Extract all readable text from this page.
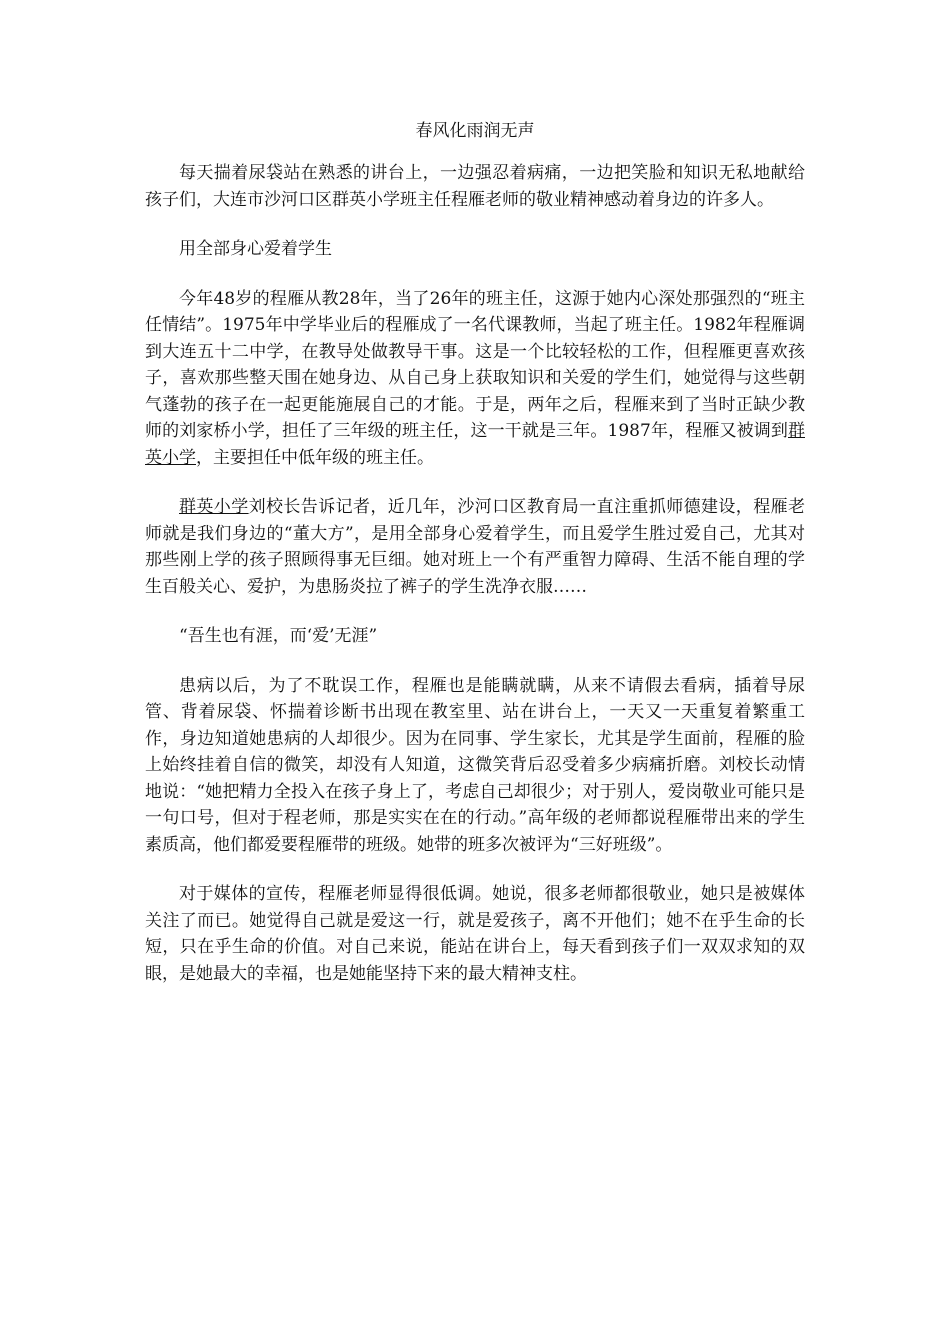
春风化雨润无声

每天揣着尿袋站在熟悉的讲台上，一边强忍着病痛，一边把笑脸和知识无私地献给孩子们，大连市沙河口区群英小学班主任程雁老师的敬业精神感动着身边的许多人。

用全部身心爱着学生

今年48岁的程雁从教28年，当了26年的班主任，这源于她内心深处那强烈的“班主任情结”。1975年中学毕业后的程雁成了一名代课教师，当起了班主任。1982年程雁调到大连五十二中学，在教导处做教导干事。这是一个比较轻松的工作，但程雁更喜欢孩子，喜欢那些整天围在她身边、从自己身上获取知识和关爱的学生们，她觉得与这些朝气蓬勃的孩子在一起更能施展自己的才能。于是，两年之后，程雁来到了当时正缺少教师的刘家桥小学，担任了三年级的班主任，这一干就是三年。1987年，程雁又被调到群英小学，主要担任中低年级的班主任。

群英小学刘校长告诉记者，近几年，沙河口区教育局一直注重抓师德建设，程雁老师就是我们身边的“董大方”，是用全部身心爱着学生，而且爱学生胜过爱自己，尤其对那些刚上学的孩子照顾得事无巨细。她对班上一个有严重智力障碍、生活不能自理的学生百般关心、爱护，为患肠炎拉了裤子的学生洗净衣服……

“吾生也有涯，而‘爱’无涯”

患病以后，为了不耽误工作，程雁也是能瞒就瞒，从来不请假去看病，插着导尿管、背着尿袋、怀揣着诊断书出现在教室里、站在讲台上，一天又一天重复着繁重工作，身边知道她患病的人却很少。因为在同事、学生家长，尤其是学生面前，程雁的脸上始终挂着自信的微笑，却没有人知道，这微笑背后忍受着多少病痛折磨。刘校长动情地说：“她把精力全投入在孩子身上了，考虑自己却很少；对于别人，爱岗敬业可能只是一句口号，但对于程老师，那是实实在在的行动。”高年级的老师都说程雁带出来的学生素质高，他们都爱要程雁带的班级。她带的班多次被评为“三好班级”。

对于媒体的宣传，程雁老师显得很低调。她说，很多老师都很敬业，她只是被媒体关注了而已。她觉得自己就是爱这一行，就是爱孩子，离不开他们；她不在乎生命的长短，只在乎生命的价值。对自己来说，能站在讲台上，每天看到孩子们一双双求知的双眼，是她最大的幸福，也是她能坚持下来的最大精神支柱。
